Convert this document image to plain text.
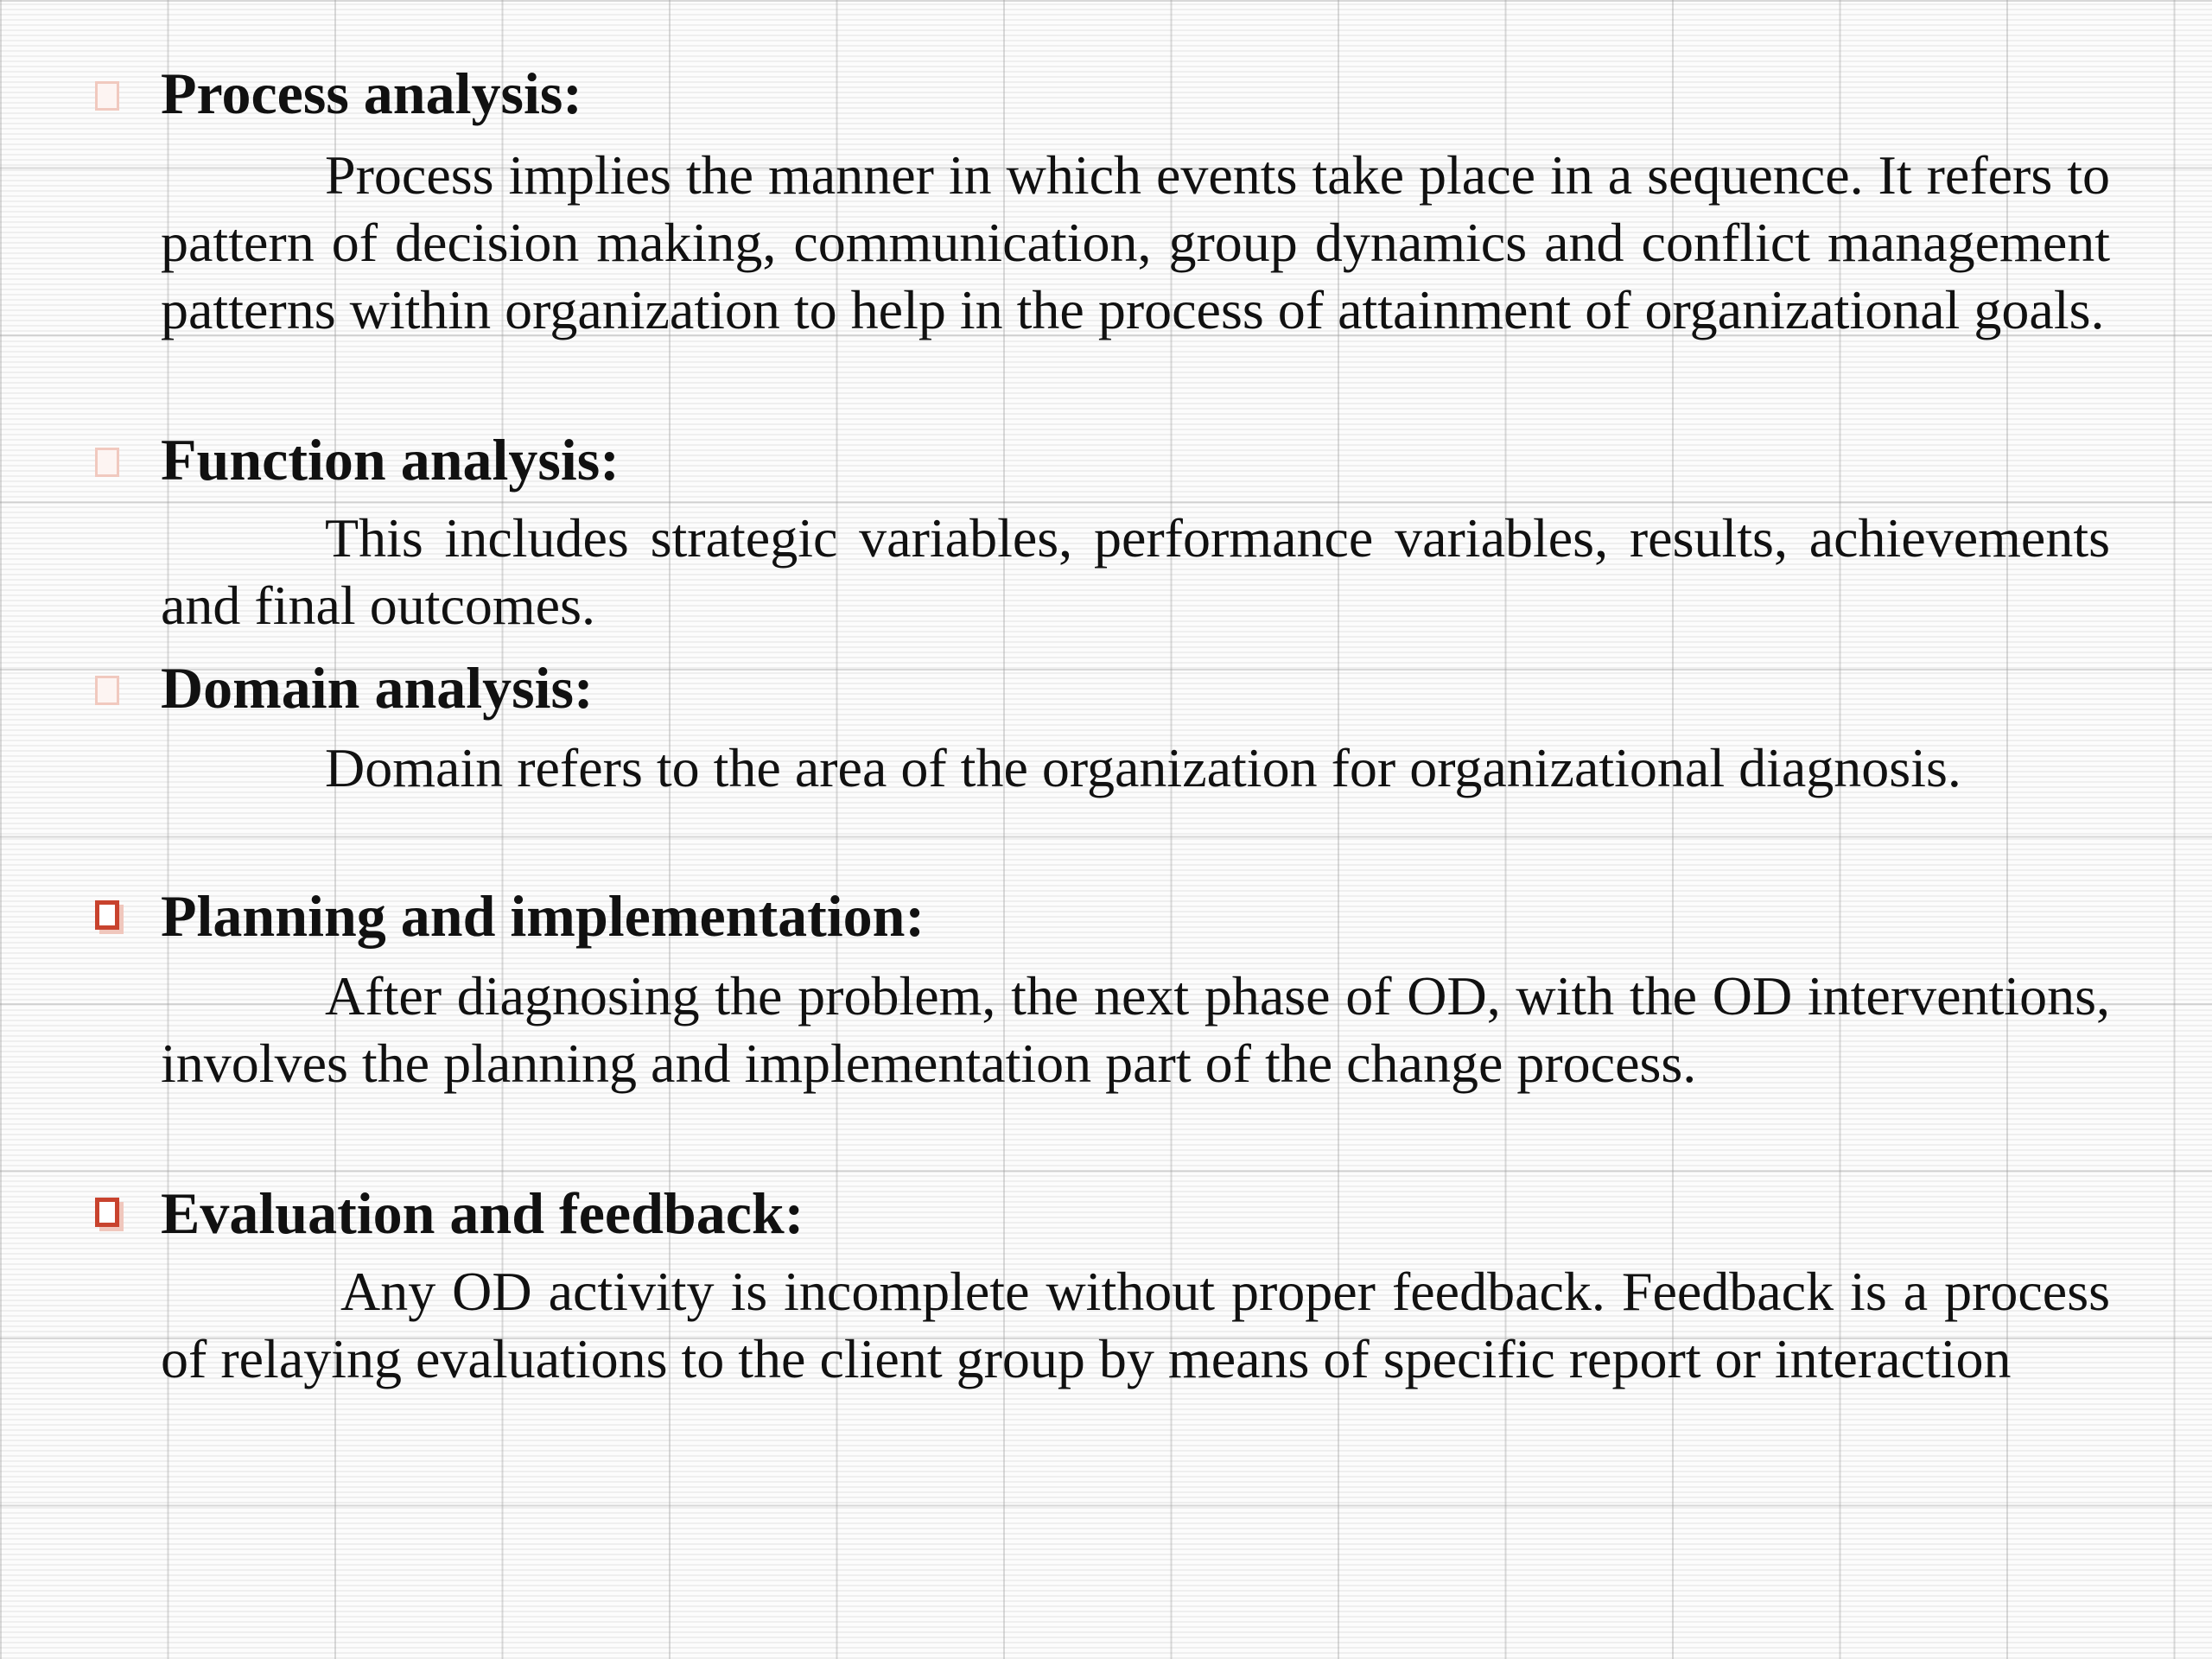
Process analysis:

Process implies the manner in which events take place in a sequence. It refers to pattern of decision making, communication, group dynamics and conflict management patterns within organization to help in the process of attainment of organizational goals.

Function analysis:

This includes strategic variables, performance variables, results, achievements and final outcomes.

Domain analysis:

Domain refers to the area of the organization for organizational diagnosis.

Planning and implementation:

After diagnosing the problem, the next phase of OD, with the OD interventions, involves the planning and implementation part of the change process.

Evaluation and feedback:

Any OD activity is incomplete without proper feedback. Feedback is a process of relaying evaluations to the client group by means of specific report or interaction
